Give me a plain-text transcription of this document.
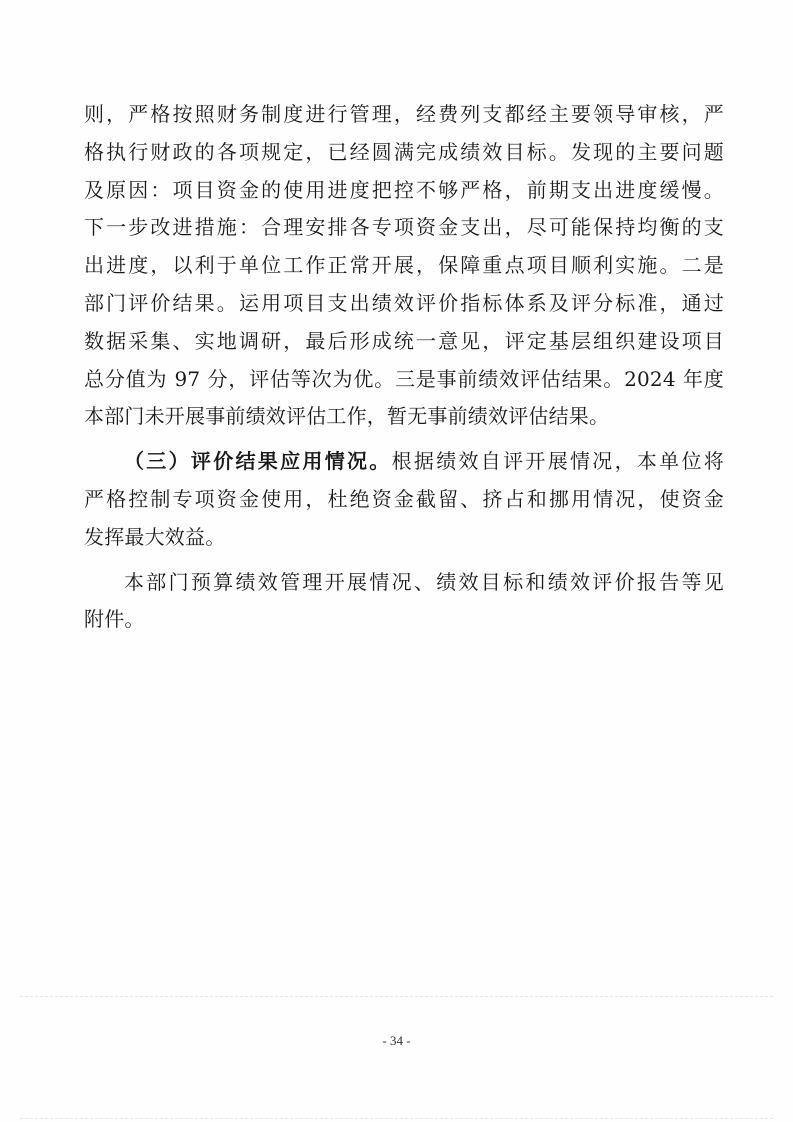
则，严格按照财务制度进行管理，经费列支都经主要领导审核，严
格执行财政的各项规定，已经圆满完成绩效目标。发现的主要问题
及原因：项目资金的使用进度把控不够严格，前期支出进度缓慢。
下一步改进措施：合理安排各专项资金支出，尽可能保持均衡的支
出进度，以利于单位工作正常开展，保障重点项目顺利实施。二是
部门评价结果。运用项目支出绩效评价指标体系及评分标准，通过
数据采集、实地调研，最后形成统一意见，评定基层组织建设项目
总分值为 97 分，评估等次为优。三是事前绩效评估结果。2024 年度
本部门未开展事前绩效评估工作，暂无事前绩效评估结果。
（三）评价结果应用情况。根据绩效自评开展情况，本单位将
严格控制专项资金使用，杜绝资金截留、挤占和挪用情况，使资金
发挥最大效益。
本部门预算绩效管理开展情况、绩效目标和绩效评价报告等见
附件。
- 34 -
